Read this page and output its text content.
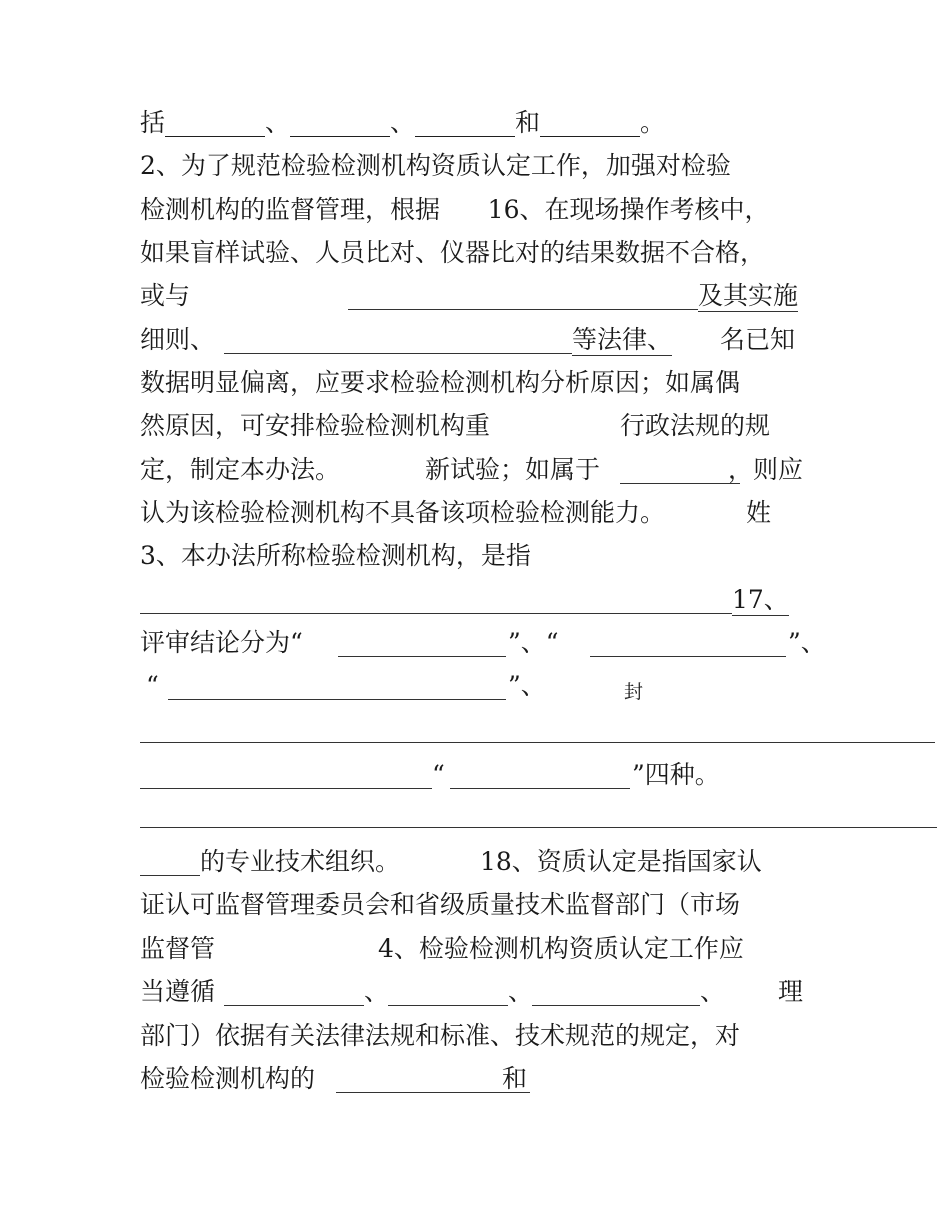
括________、________、________和________。
2、为了规范检验检测机构资质认定工作，加强对检验
检测机构的监督管理，根据      16、在现场操作考核中，
如果盲样试验、人员比对、仪器比对的结果数据不合格，
或与	及其实施
细则、	等法律、 名已知
数据明显偏离，应要求检验检测机构分析原因；如属偶
然原因，可安排检验检测机构重	行政法规的规
定，制定本办法。	新试验；如属于	，则应
认为该检验检测机构不具备该项检验检测能力。	姓
3、本办法所称检验检测机构，是指
17、
评审结论分为“	”、“	”、
“	”、	封
“	”四种。
的专业技术组织。	18、资质认定是指国家认
证认可监督管理委员会和省级质量技术监督部门（市场
监督管	4、检验检测机构资质认定工作应
当遵循	、	、	、 理
部门）依据有关法律法规和标准、技术规范的规定，对
检验检测机构的	和
